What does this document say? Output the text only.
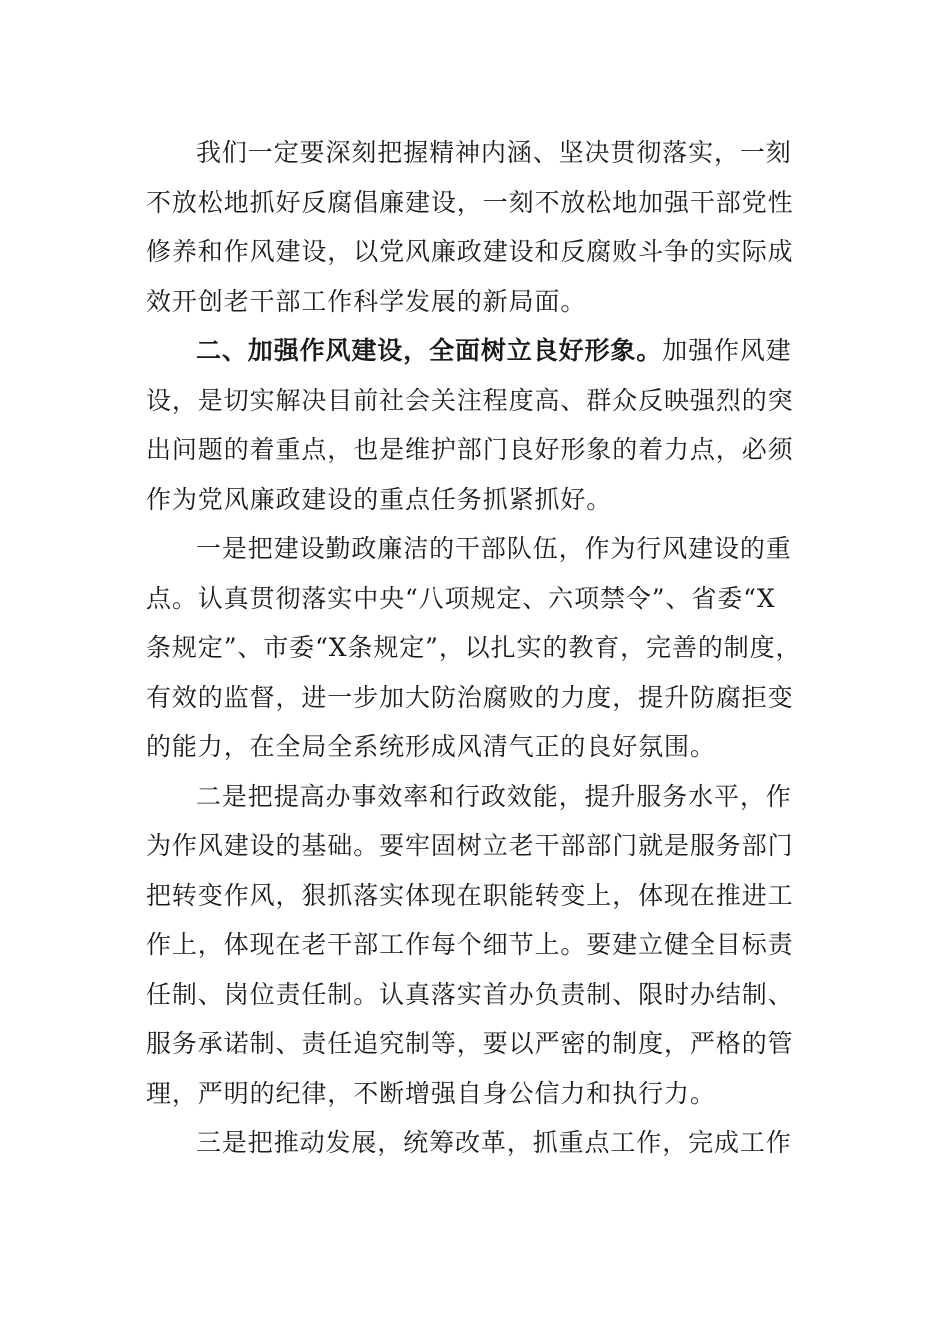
我们一定要深刻把握精神内涵、坚决贯彻落实，一刻
不放松地抓好反腐倡廉建设，一刻不放松地加强干部党性
修养和作风建设，以党风廉政建设和反腐败斗争的实际成
效开创老干部工作科学发展的新局面。

二、加强作风建设，全面树立良好形象。加强作风建
设，是切实解决目前社会关注程度高、群众反映强烈的突
出问题的着重点，也是维护部门良好形象的着力点，必须
作为党风廉政建设的重点任务抓紧抓好。

一是把建设勤政廉洁的干部队伍，作为行风建设的重
点。认真贯彻落实中央“八项规定、六项禁令”、省委“X
条规定”、市委“X条规定”，以扎实的教育，完善的制度，
有效的监督，进一步加大防治腐败的力度，提升防腐拒变
的能力，在全局全系统形成风清气正的良好氛围。

二是把提高办事效率和行政效能，提升服务水平，作
为作风建设的基础。要牢固树立老干部部门就是服务部门
把转变作风，狠抓落实体现在职能转变上，体现在推进工
作上，体现在老干部工作每个细节上。要建立健全目标责
任制、岗位责任制。认真落实首办负责制、限时办结制、
服务承诺制、责任追究制等，要以严密的制度，严格的管
理，严明的纪律，不断增强自身公信力和执行力。

三是把推动发展，统筹改革，抓重点工作，完成工作
